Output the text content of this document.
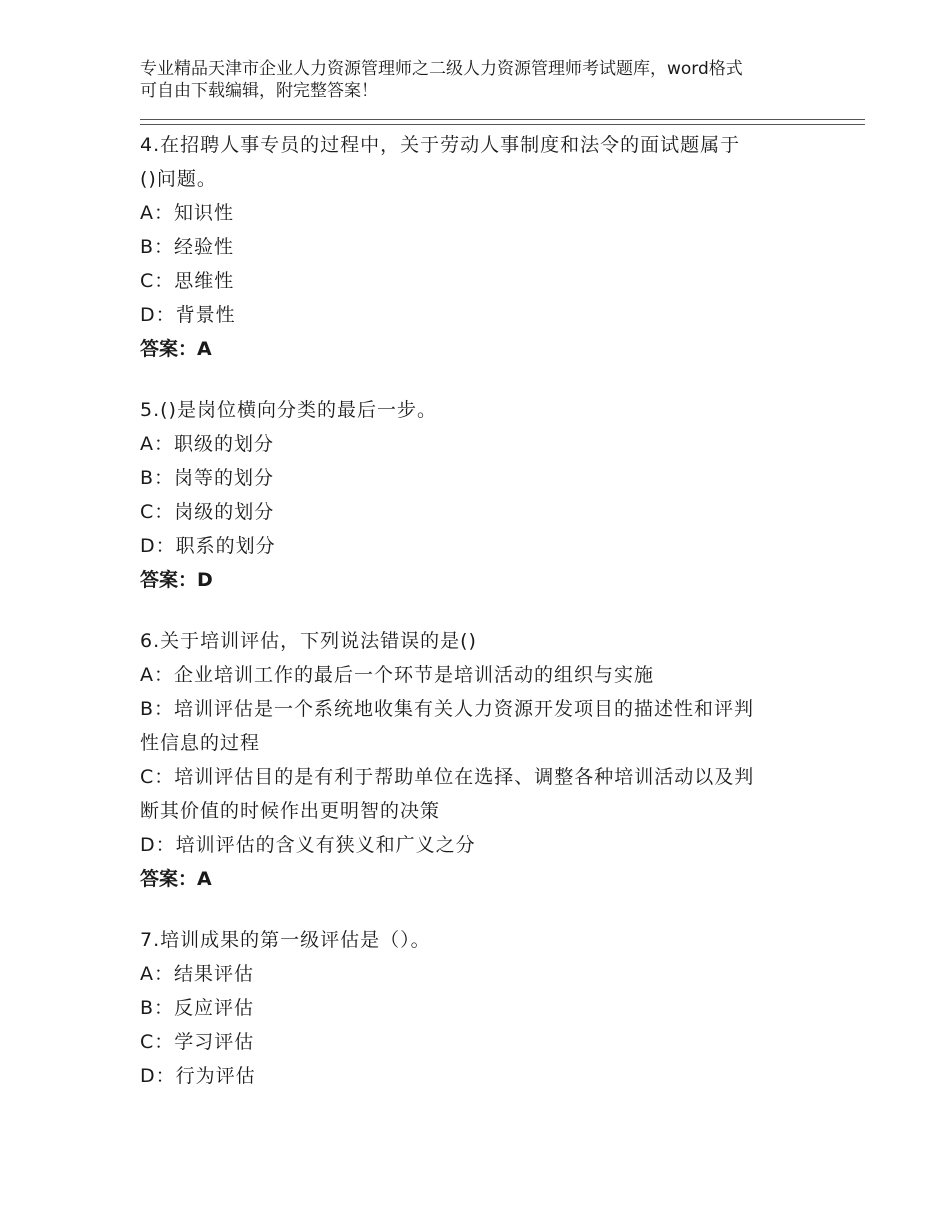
专业精品天津市企业人力资源管理师之二级人力资源管理师考试题库，word格式
可自由下载编辑，附完整答案！
4.在招聘人事专员的过程中，关于劳动人事制度和法令的面试题属于
()问题。
A：知识性
B：经验性
C：思维性
D：背景性
答案：A
5.()是岗位横向分类的最后一步。
A：职级的划分
B：岗等的划分
C：岗级的划分
D：职系的划分
答案：D
6.关于培训评估，下列说法错误的是()
A：企业培训工作的最后一个环节是培训活动的组织与实施
B：培训评估是一个系统地收集有关人力资源开发项目的描述性和评判
性信息的过程
C：培训评估目的是有利于帮助单位在选择、调整各种培训活动以及判
断其价值的时候作出更明智的决策
D：培训评估的含义有狭义和广义之分
答案：A
7.培训成果的第一级评估是（）。
A：结果评估
B：反应评估
C：学习评估
D：行为评估
